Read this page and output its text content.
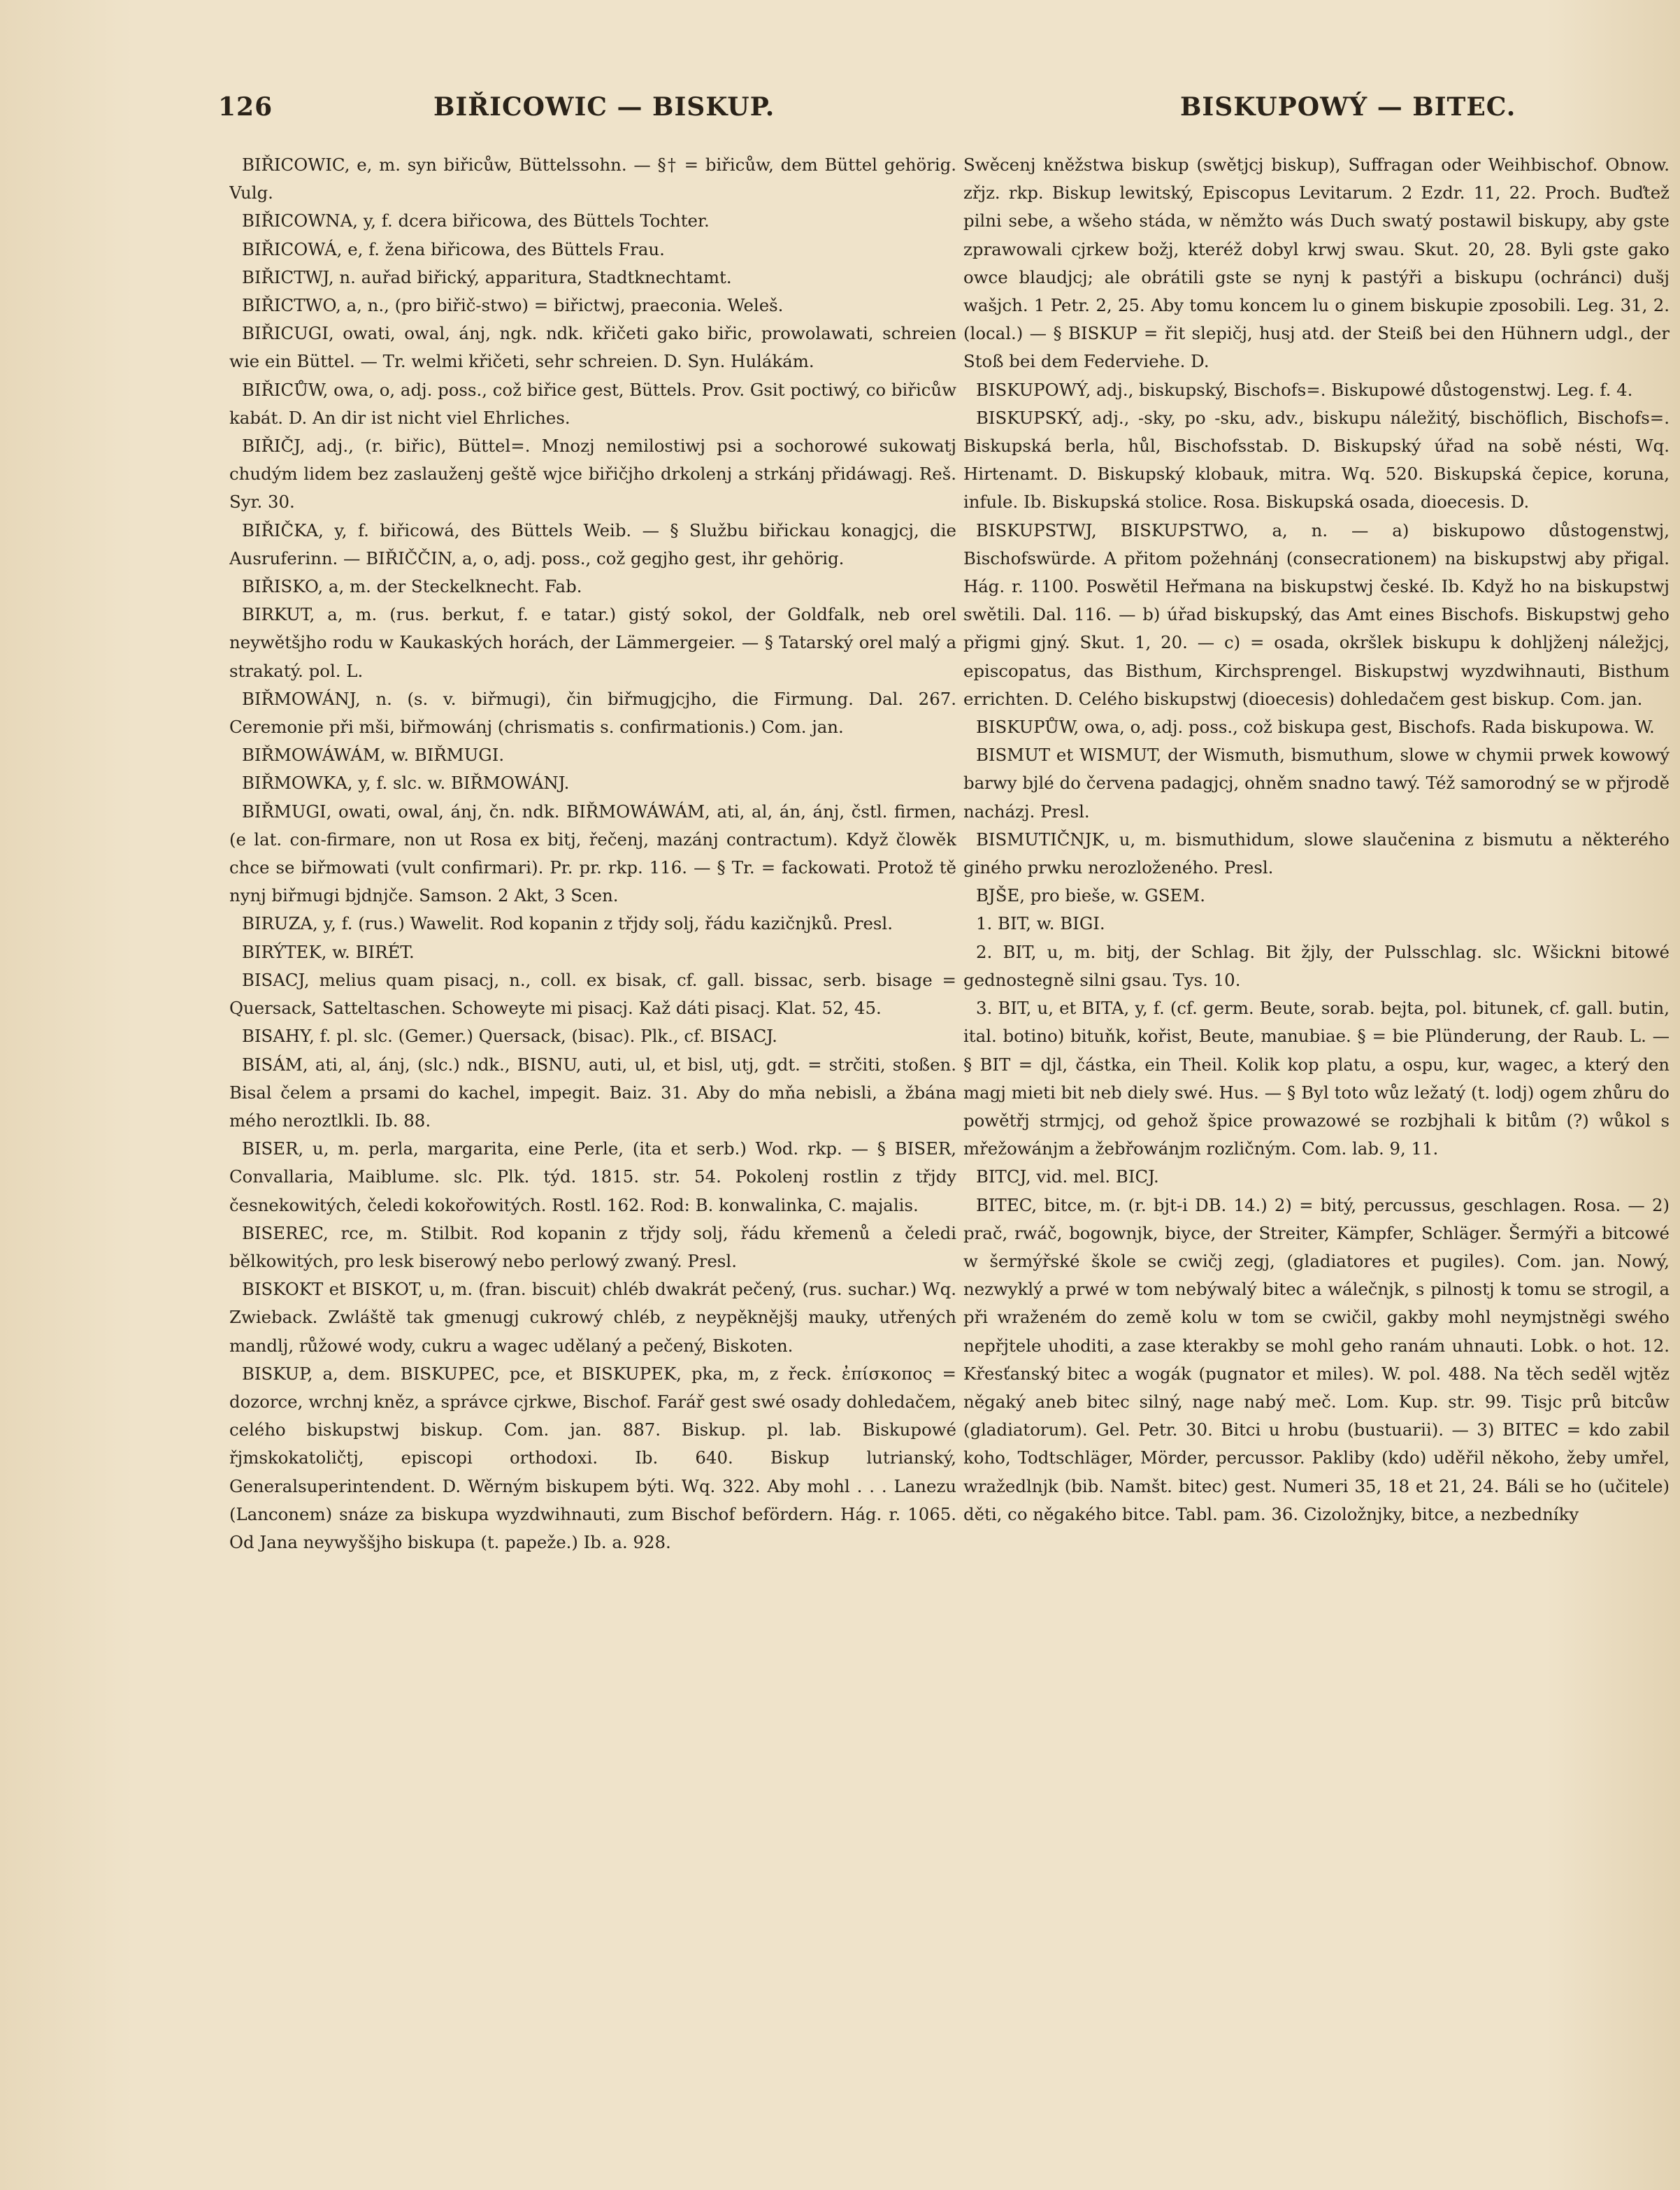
126	BIŘICOWIC — BISKUP.	BISKUPOWÝ — BITEC.

BIŘICOWIC, e, m. syn biřicůw, Büttelssohn. — §† = biřicůw, dem Büttel gehörig. Vulg.

BIŘICOWNA, y, f. dcera biřicowa, des Büttels Tochter.

BIŘICOWÁ, e, f. žena biřicowa, des Büttels Frau.

BIŘICTWJ, n. auřad biřický, apparitura, Stadtknechtamt.

BIŘICTWO, a, n., (pro biřič-stwo) = biřictwj, praeconia. Weleš.

BIŘICUGI, owati, owal, ánj, ngk. ndk. křičeti gako biřic, prowolawati, schreien wie ein Büttel. — Tr. welmi křičeti, sehr schreien. D. Syn. Hulákám.

BIŘICŮW, owa, o, adj. poss., což biřice gest, Büttels. Prov. Gsit poctiwý, co biřicůw kabát. D. An dir ist nicht viel Ehrliches.

BIŘIČJ, adj., (r. biřic), Büttel=. Mnozj nemilostiwj psi a sochorowé sukowatj chudým lidem bez zaslauženj geště wjce biřičjho drkolenj a strkánj přidáwagj. Reš. Syr. 30.

BIŘIČKA, y, f. biřicowá, des Büttels Weib. — § Službu biřickau konagjcj, die Ausruferinn. — BIŘIČČIN, a, o, adj. poss., což gegjho gest, ihr gehörig.

BIŘISKO, a, m. der Steckelknecht. Fab.

BIRKUT, a, m. (rus. berkut, f. e tatar.) gistý sokol, der Goldfalk, neb orel neywětšjho rodu w Kaukaských horách, der Lämmergeier. — § Tatarský orel malý a strakatý. pol. L.

BIŘMOWÁNJ, n. (s. v. biřmugi), čin biřmugjcjho, die Firmung. Dal. 267. Ceremonie při mši, biřmowánj (chrismatis s. confirmationis.) Com. jan.

BIŘMOWÁWÁM, w. BIŘMUGI.

BIŘMOWKA, y, f. slc. w. BIŘMOWÁNJ.

BIŘMUGI, owati, owal, ánj, čn. ndk. BIŘMOWÁWÁM, ati, al, án, ánj, čstl. firmen, (e lat. con-firmare, non ut Rosa ex bitj, řečenj, mazánj contractum). Když člowěk chce se biřmowati (vult confirmari). Pr. pr. rkp. 116. — § Tr. = fackowati. Protož tě nynj biřmugi bjdnjče. Samson. 2 Akt, 3 Scen.

BIRUZA, y, f. (rus.) Wawelit. Rod kopanin z třjdy solj, řádu kazičnjků. Presl.

BIRÝTEK, w. BIRÉT.

BISACJ, melius quam pisacj, n., coll. ex bisak, cf. gall. bissac, serb. bisage = Quersack, Satteltaschen. Schoweyte mi pisacj. Kaž dáti pisacj. Klat. 52, 45.

BISAHY, f. pl. slc. (Gemer.) Quersack, (bisac). Plk., cf. BISACJ.

BISÁM, ati, al, ánj, (slc.) ndk., BISNU, auti, ul, et bisl, utj, gdt. = strčiti, stoßen. Bisal čelem a prsami do kachel, impegit. Baiz. 31. Aby do mňa nebisli, a žbána mého neroztlkli. Ib. 88.

BISER, u, m. perla, margarita, eine Perle, (ita et serb.) Wod. rkp. — § BISER, Convallaria, Maiblume. slc. Plk. týd. 1815. str. 54. Pokolenj rostlin z třjdy česnekowitých, čeledi kokořowitých. Rostl. 162. Rod: B. konwalinka, C. majalis.

BISEREC, rce, m. Stilbit. Rod kopanin z třjdy solj, řádu křemenů a čeledi bělkowitých, pro lesk biserowý nebo perlowý zwaný. Presl.

BISKOKT et BISKOT, u, m. (fran. biscuit) chléb dwakrát pečený, (rus. suchar.) Wq. Zwieback. Zwláště tak gmenugj cukrowý chléb, z neypěknějšj mauky, utřených mandlj, růžowé wody, cukru a wagec udělaný a pečený, Biskoten.

BISKUP, a, dem. BISKUPEC, pce, et BISKUPEK, pka, m, z řeck. ἐπίσκοπος = dozorce, wrchnj kněz, a správce cjrkwe, Bischof. Farář gest swé osady dohledačem, celého biskupstwj biskup. Com. jan. 887. Biskup. pl. lab. Biskupowé řjmskokatoličtj, episcopi orthodoxi. Ib. 640. Biskup lutrianský, Generalsuperintendent. D. Wěrným biskupem býti. Wq. 322. Aby mohl . . . Lanezu (Lanconem) snáze za biskupa wyzdwihnauti, zum Bischof befördern. Hág. r. 1065. Od Jana neywyššjho biskupa (t. papeže.) Ib. a. 928.

Swěcenj kněžstwa biskup (swětjcj biskup), Suffragan oder Weihbischof. Obnow. zřjz. rkp. Biskup lewitský, Episcopus Levitarum. 2 Ezdr. 11, 22. Proch. Buďtež pilni sebe, a wšeho stáda, w němžto wás Duch swatý postawil biskupy, aby gste zprawowali cjrkew božj, kteréž dobyl krwj swau. Skut. 20, 28. Byli gste gako owce blaudjcj; ale obrátili gste se nynj k pastýři a biskupu (ochránci) dušj wašjch. 1 Petr. 2, 25. Aby tomu koncem lu o ginem biskupie zposobili. Leg. 31, 2. (local.) — § BISKUP = řit slepičj, husj atd. der Steiß bei den Hühnern udgl., der Stoß bei dem Federviehe. D.

BISKUPOWÝ, adj., biskupský, Bischofs=. Biskupowé důstogenstwj. Leg. f. 4.

BISKUPSKÝ, adj., -sky, po -sku, adv., biskupu náležitý, bischöflich, Bischofs=. Biskupská berla, hůl, Bischofsstab. D. Biskupský úřad na sobě nésti, Wq. Hirtenamt. D. Biskupský klobauk, mitra. Wq. 520. Biskupská čepice, koruna, infule. Ib. Biskupská stolice. Rosa. Biskupská osada, dioecesis. D.

BISKUPSTWJ, BISKUPSTWO, a, n. — a) biskupowo důstogenstwj, Bischofswürde. A přitom požehnánj (consecrationem) na biskupstwj aby přigal. Hág. r. 1100. Poswětil Heřmana na biskupstwj české. Ib. Když ho na biskupstwj swětili. Dal. 116. — b) úřad biskupský, das Amt eines Bischofs. Biskupstwj geho přigmi gjný. Skut. 1, 20. — c) = osada, okršlek biskupu k dohljženj náležjcj, episcopatus, das Bisthum, Kirchsprengel. Biskupstwj wyzdwihnauti, Bisthum errichten. D. Celého biskupstwj (dioecesis) dohledačem gest biskup. Com. jan.

BISKUPŮW, owa, o, adj. poss., což biskupa gest, Bischofs. Rada biskupowa. W.

BISMUT et WISMUT, der Wismuth, bismuthum, slowe w chymii prwek kowowý barwy bjlé do červena padagjcj, ohněm snadno tawý. Též samorodný se w přjrodě nacházj. Presl.

BISMUTIČNJK, u, m. bismuthidum, slowe slaučenina z bismutu a některého giného prwku nerozloženého. Presl.

BJŠE, pro bieše, w. GSEM.

1. BIT, w. BIGI.

2. BIT, u, m. bitj, der Schlag. Bit žjly, der Pulsschlag. slc. Wšickni bitowé gednostegně silni gsau. Tys. 10.

3. BIT, u, et BITA, y, f. (cf. germ. Beute, sorab. bejta, pol. bitunek, cf. gall. butin, ital. botino) bituňk, kořist, Beute, manubiae. § = bie Plünderung, der Raub. L. — § BIT = djl, částka, ein Theil. Kolik kop platu, a ospu, kur, wagec, a který den magj mieti bit neb diely swé. Hus. — § Byl toto wůz ležatý (t. lodj) ogem zhůru do powětřj strmjcj, od gehož špice prowazowé se rozbjhali k bitům (?) wůkol s mřežowánjm a žebřowánjm rozličným. Com. lab. 9, 11.

BITCJ, vid. mel. BICJ.

BITEC, bitce, m. (r. bjt-i DB. 14.) 2) = bitý, percussus, geschlagen. Rosa. — 2) prač, rwáč, bogownjk, biyce, der Streiter, Kämpfer, Schläger. Šermýři a bitcowé w šermýřské škole se cwičj zegj, (gladiatores et pugiles). Com. jan. Nowý, nezwyklý a prwé w tom nebýwalý bitec a wálečnjk, s pilnostj k tomu se strogil, a při wraženém do země kolu w tom se cwičil, gakby mohl neymjstněgi swého nepřjtele uhoditi, a zase kterakby se mohl geho ranám uhnauti. Lobk. o hot. 12. Křesťanský bitec a wogák (pugnator et miles). W. pol. 488. Na těch seděl wjtěz něgaký aneb bitec silný, nage nabý meč. Lom. Kup. str. 99. Tisjc prů bitcůw (gladiatorum). Gel. Petr. 30. Bitci u hrobu (bustuarii). — 3) BITEC = kdo zabil koho, Todtschläger, Mörder, percussor. Pakliby (kdo) uděřil někoho, žeby umřel, wražedlnjk (bib. Namšt. bitec) gest. Numeri 35, 18 et 21, 24. Báli se ho (učitele) děti, co něgakého bitce. Tabl. pam. 36. Cizoložnjky, bitce, a nezbedníky
